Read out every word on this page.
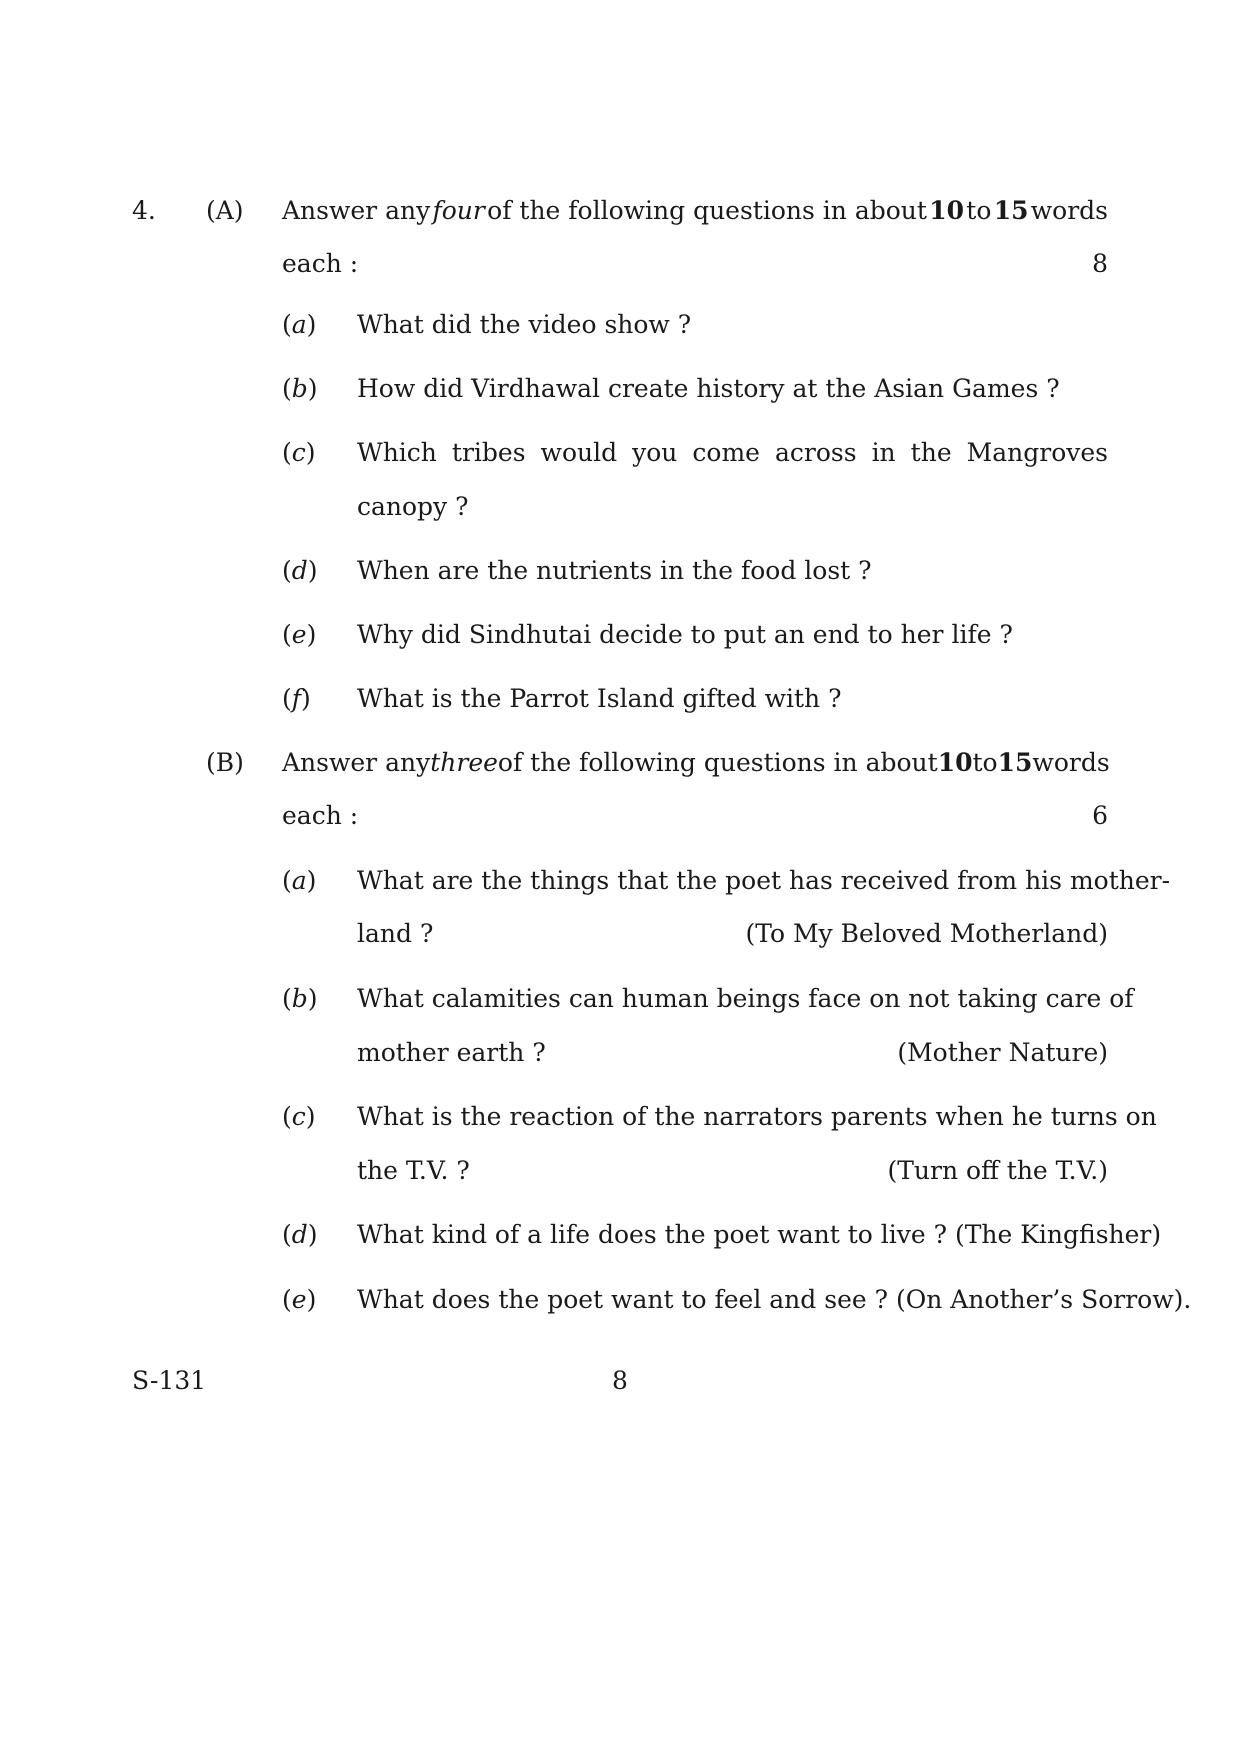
4. (A) Answer any four of the following questions in about 10 to 15 words
each :	8
(a) What did the video show ?
(b) How did Virdhawal create history at the Asian Games ?
(c) Which tribes would you come across in the Mangroves
canopy ?
(d) When are the nutrients in the food lost ?
(e) Why did Sindhutai decide to put an end to her life ?
(f) What is the Parrot Island gifted with ?
(B) Answer any three of the following questions in about 10 to 15 words
each :	6
(a) What are the things that the poet has received from his mother-
land ?	(To My Beloved Motherland)
(b) What calamities can human beings face on not taking care of
mother earth ?	(Mother Nature)
(c) What is the reaction of the narrators parents when he turns on
the T.V. ?	(Turn off the T.V.)
(d) What kind of a life does the poet want to live ? (The Kingfisher)
(e) What does the poet want to feel and see ? (On Another’s Sorrow).
S-131	8
